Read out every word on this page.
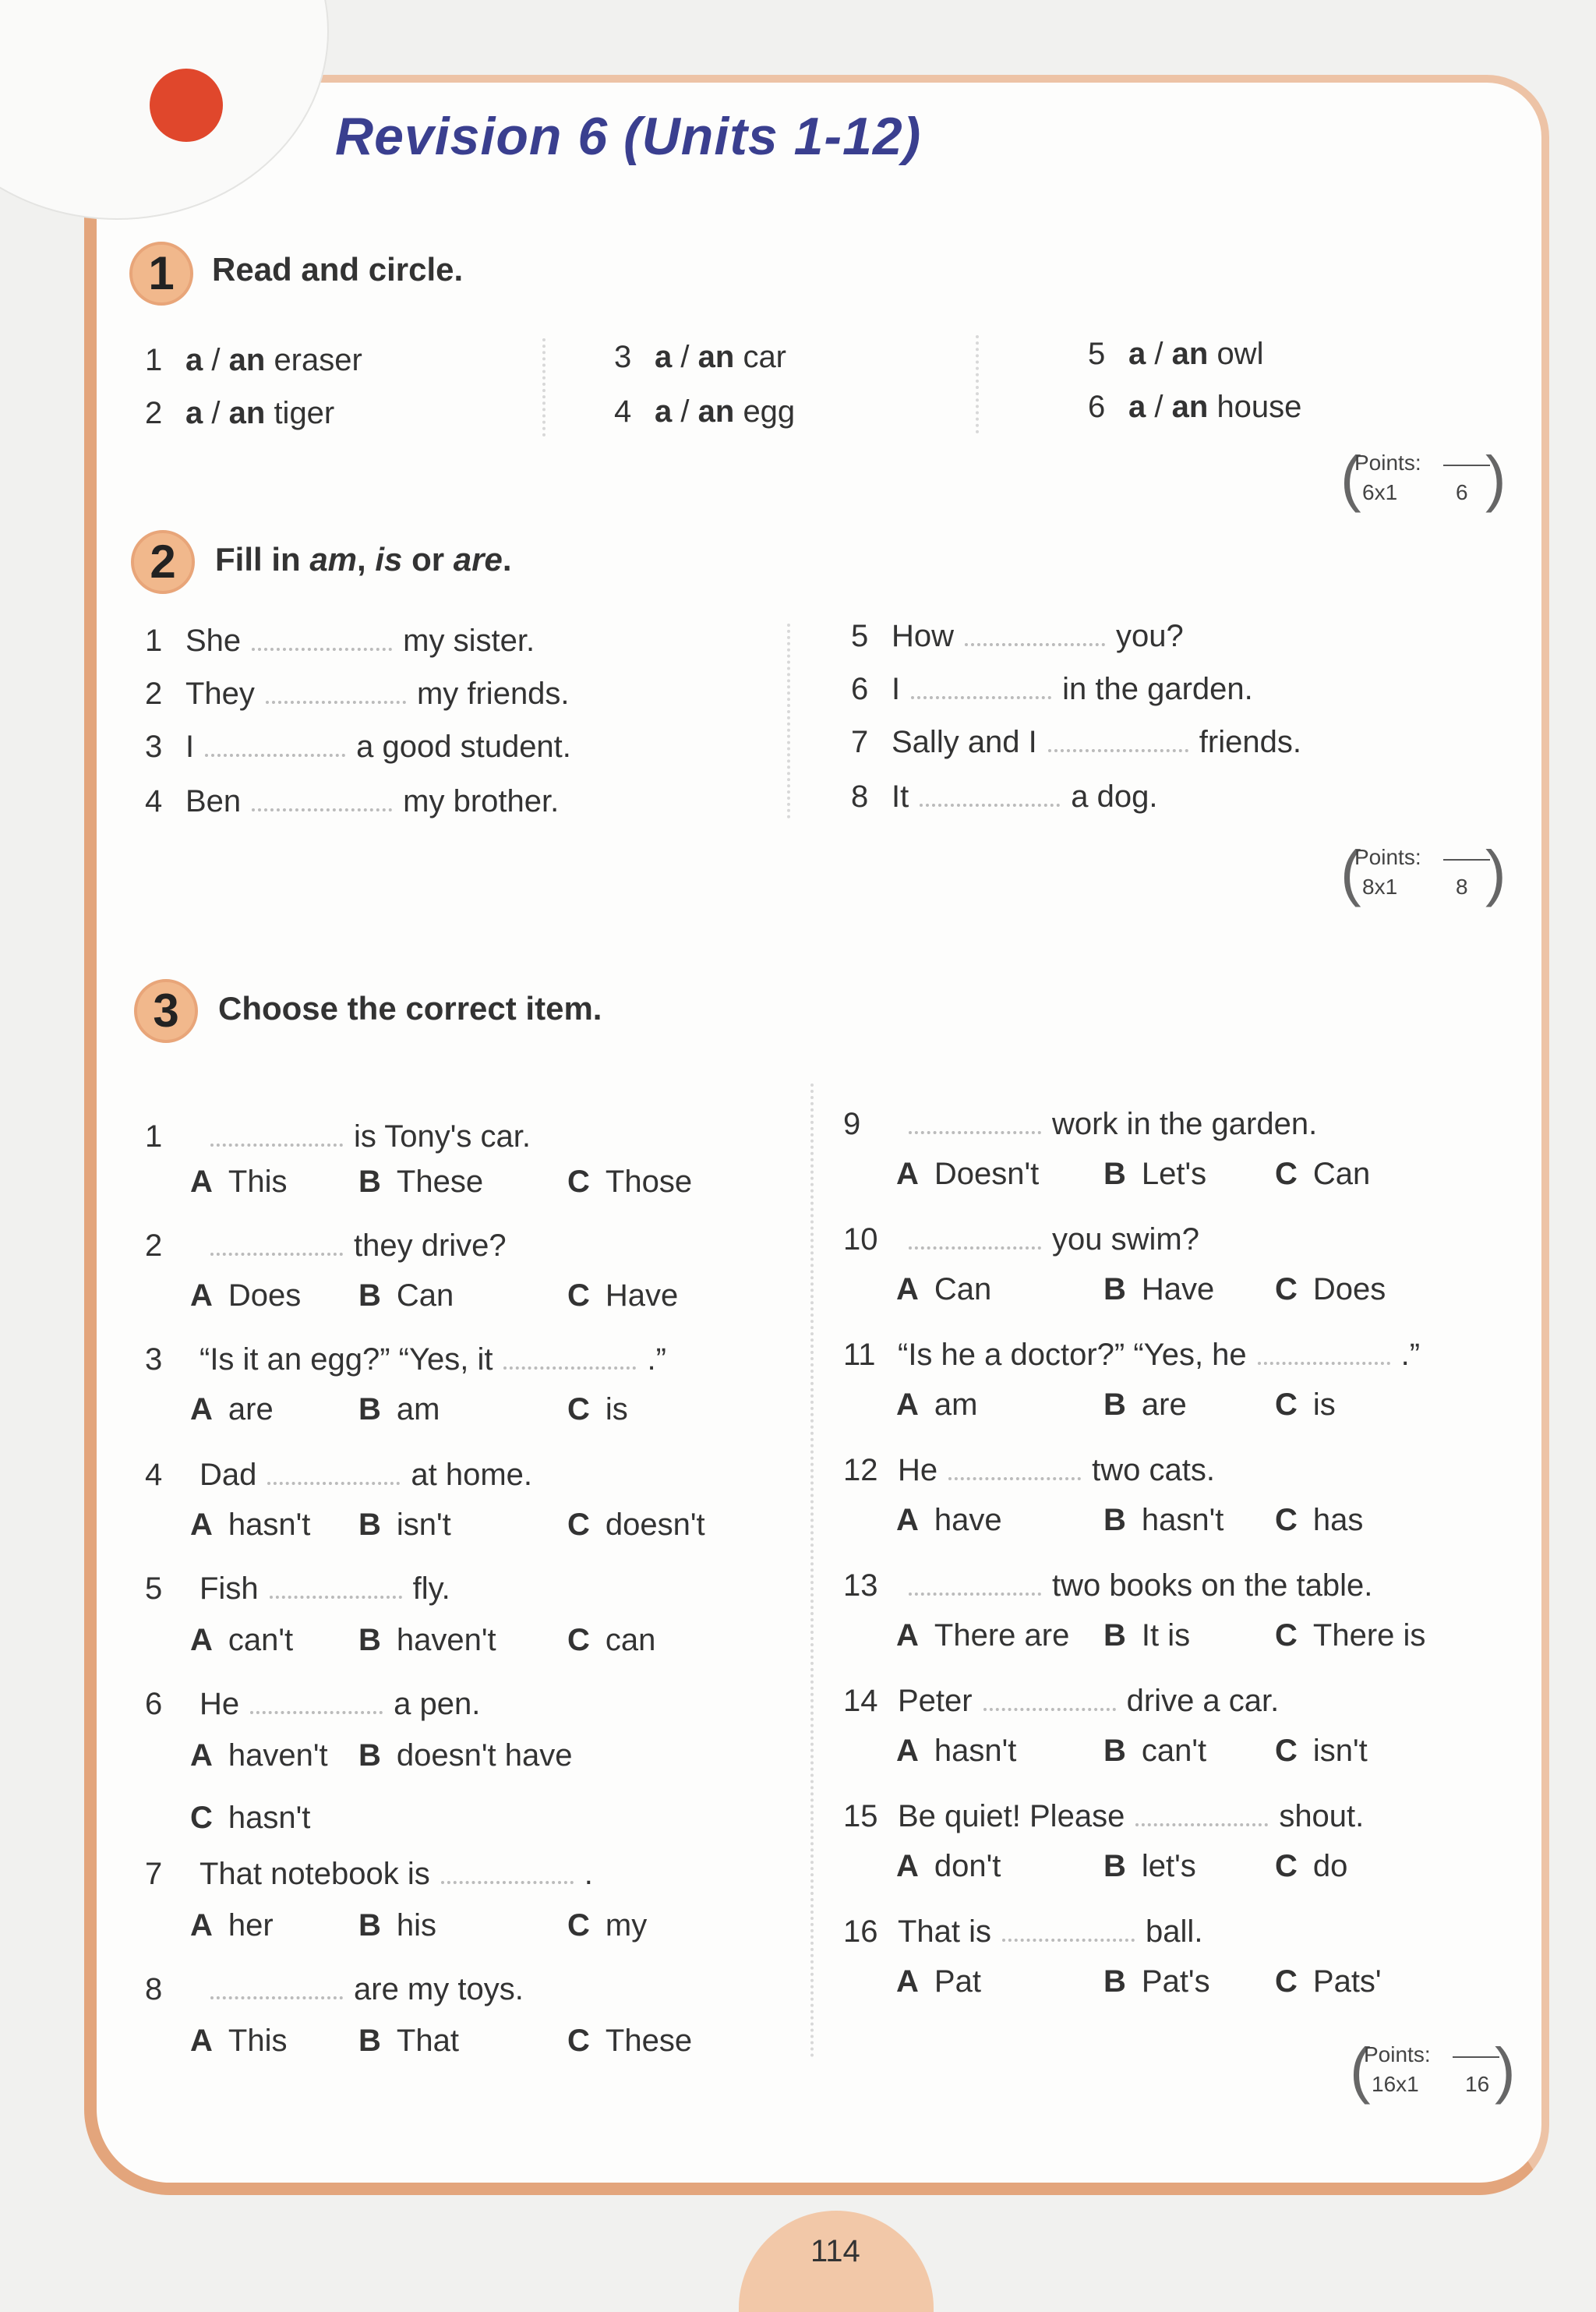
Revision 6 (Units 1-12)
1	Read and circle.
1 a / an eraser
2 a / an tiger
3 a / an car
4 a / an egg
5 a / an owl
6 a / an house
(
Points:
6x1	6 )
2	Fill in am, is or are.
1 She	my sister.
2 They	my friends.
3 I	a good student.
4 Ben	my brother.
5 How	you?
6 I	in the garden.
7 Sally and I	friends.
8 It	a dog.
(
Points:
8x1	8 )
3	Choose the correct item.
(
Points:
16x1 16 )
114
1	is Tony's car.
A This B These	C Those
2	they drive?
A Does B Can	C Have
3 “Is it an egg?” “Yes, it	.”
A are	B am	C is
4 Dad	at home.
A hasn't B isn't	C doesn't
5 Fish	fly.
A can't B haven't C can
6 He	a pen.
A haven't B doesn't have
C hasn't
7 That notebook is	.
A her	B his	C my
8	are my toys.
A This B That	C These
9	work in the garden.
A Doesn't B Let's C Can
10	you swim?
A Can	B Have C Does
11 “Is he a doctor?” “Yes, he	.”
A am	B are	C is
12 He	two cats.
A have	B hasn't C has
13	two books on the table.
A There are B It is	C There is
14 Peter	drive a car.
A hasn't	B can't C isn't
15 Be quiet! Please	shout.
A don't	B let's	C do
16 That is	ball.
A Pat	B Pat's C Pats'
